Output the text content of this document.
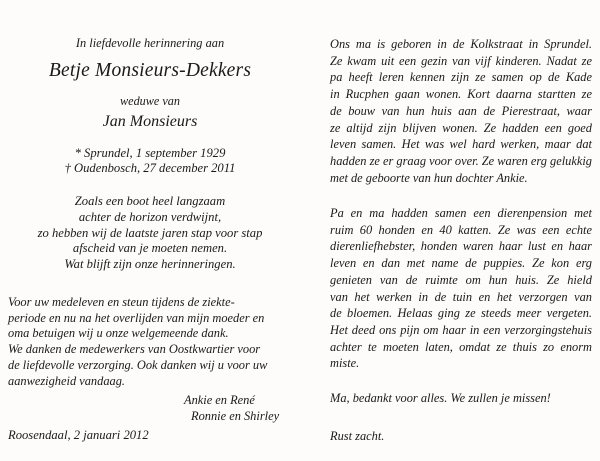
In liefdevolle herinnering aan
Betje Monsieurs-Dekkers
weduwe van
Jan Monsieurs
* Sprundel, 1 september 1929
† Oudenbosch, 27 december 2011
Zoals een boot heel langzaam
achter de horizon verdwijnt,
zo hebben wij de laatste jaren stap voor stap
afscheid van je moeten nemen.
Wat blijft zijn onze herinneringen.
Voor uw medeleven en steun tijdens de ziekte-
periode en nu na het overlijden van mijn moeder en
oma betuigen wij u onze welgemeende dank.
We danken de medewerkers van Oostkwartier voor
de liefdevolle verzorging. Ook danken wij u voor uw
aanwezigheid vandaag.
Ankie en René
Ronnie en Shirley
Roosendaal, 2 januari 2012
Ons ma is geboren in de Kolkstraat in Sprundel.
Ze kwam uit een gezin van vijf kinderen. Nadat ze
pa heeft leren kennen zijn ze samen op de Kade
in Rucphen gaan wonen. Kort daarna startten ze
de bouw van hun huis aan de Pierestraat, waar
ze altijd zijn blijven wonen. Ze hadden een goed
leven samen. Het was wel hard werken, maar dat
hadden ze er graag voor over. Ze waren erg gelukkig
met de geboorte van hun dochter Ankie.
Pa en ma hadden samen een dierenpension met
ruim 60 honden en 40 katten. Ze was een echte
dierenliefhebster, honden waren haar lust en haar
leven en dan met name de puppies. Ze kon erg
genieten van de ruimte om hun huis. Ze hield
van het werken in de tuin en het verzorgen van
de bloemen. Helaas ging ze steeds meer vergeten.
Het deed ons pijn om haar in een verzorgingstehuis
achter te moeten laten, omdat ze thuis zo enorm
miste.
Ma, bedankt voor alles. We zullen je missen!
Rust zacht.
